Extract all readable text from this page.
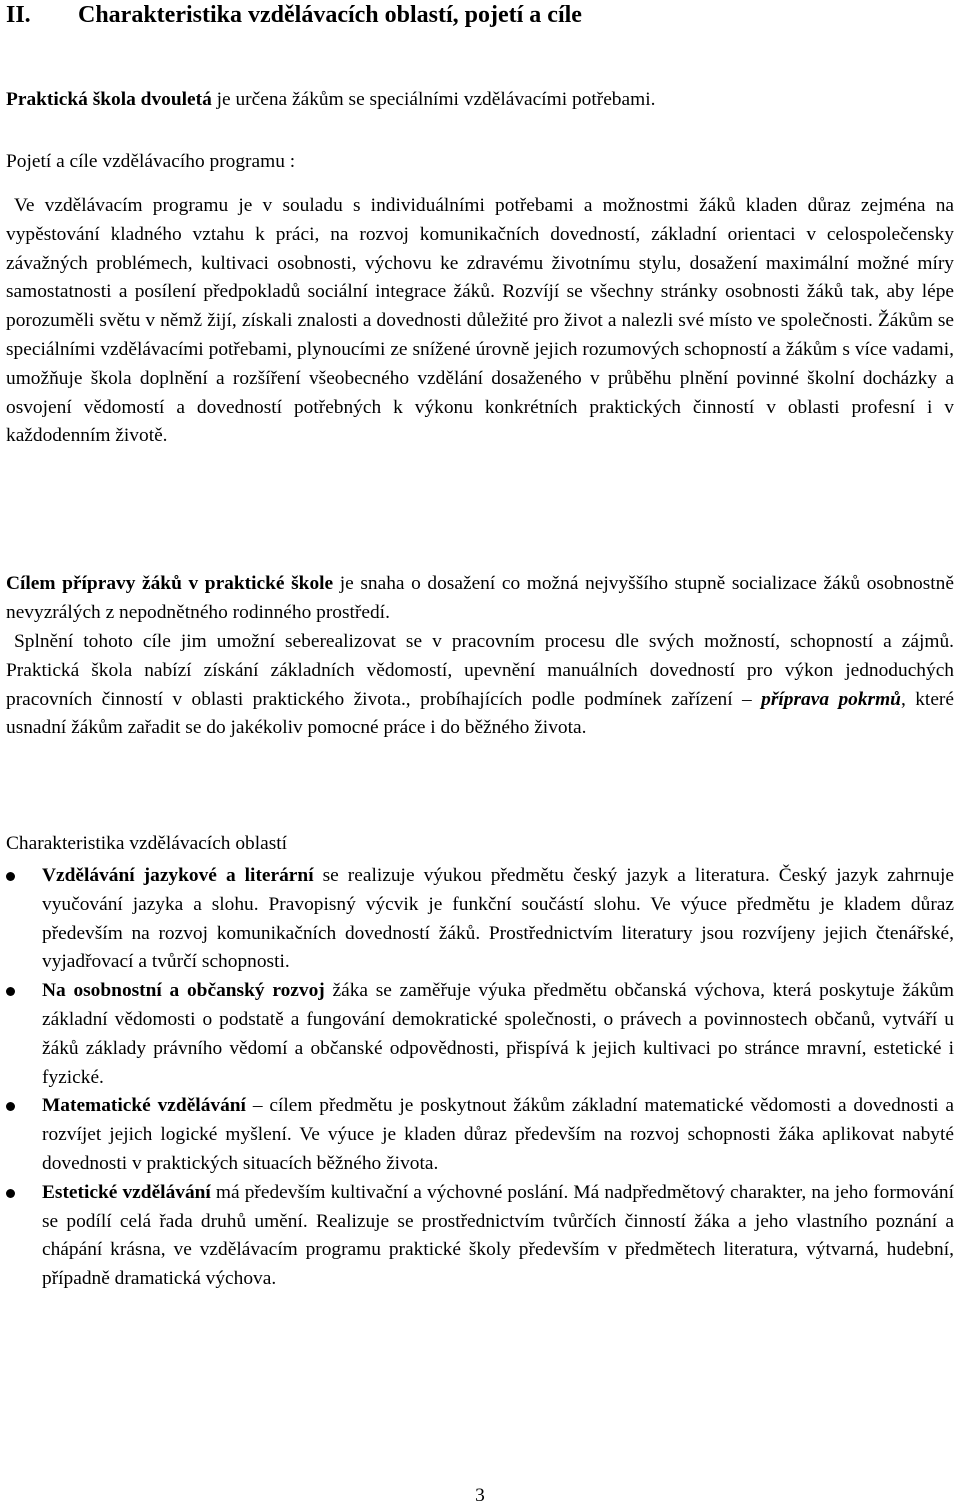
II. Charakteristika vzdělávacích oblastí, pojetí a cíle
Praktická škola dvouletá je určena žákům se speciálními vzdělávacími potřebami.
Pojetí a cíle vzdělávacího programu :
Ve vzdělávacím programu je v souladu s individuálními potřebami a možnostmi žáků kladen důraz zejména na vypěstování kladného vztahu k práci, na rozvoj komunikačních dovedností, základní orientaci v celospolečensky závažných problémech, kultivaci osobnosti, výchovu ke zdravému životnímu stylu, dosažení maximální možné míry samostatnosti a posílení předpokladů sociální integrace žáků. Rozvíjí se všechny stránky osobnosti žáků tak, aby lépe porozuměli světu v němž žijí, získali znalosti a dovednosti důležité pro život a nalezli své místo ve společnosti. Žákům se speciálními vzdělávacími potřebami, plynoucími ze snížené úrovně jejich rozumových schopností a žákům s více vadami, umožňuje škola doplnění a rozšíření všeobecného vzdělání dosaženého v průběhu plnění povinné školní docházky a osvojení vědomostí a dovedností potřebných k výkonu konkrétních praktických činností v oblasti profesní i v každodenním životě.
Cílem přípravy žáků v praktické škole je snaha o dosažení co možná nejvyššího stupně socializace žáků osobnostně nevyzrálých z nepodnětného rodinného prostředí.
Splnění tohoto cíle jim umožní seberealizovat se v pracovním procesu dle svých možností, schopností a zájmů. Praktická škola nabízí získání základních vědomostí, upevnění manuálních dovedností pro výkon jednoduchých pracovních činností v oblasti praktického života., probíhajících podle podmínek zařízení – příprava pokrmů, které usnadní žákům zařadit se do jakékoliv pomocné práce i do běžného života.
Charakteristika vzdělávacích oblastí
Vzdělávání jazykové a literární se realizuje výukou předmětu český jazyk a literatura. Český jazyk zahrnuje vyučování jazyka a slohu. Pravopisný výcvik je funkční součástí slohu. Ve výuce předmětu je kladem důraz především na rozvoj komunikačních dovedností žáků. Prostřednictvím literatury jsou rozvíjeny jejich čtenářské, vyjadřovací a tvůrčí schopnosti.
Na osobnostní a občanský rozvoj žáka se zaměřuje výuka předmětu občanská výchova, která poskytuje žákům základní vědomosti o podstatě a fungování demokratické společnosti, o právech a povinnostech občanů, vytváří u žáků základy právního vědomí a občanské odpovědnosti, přispívá k jejich kultivaci po stránce mravní, estetické i fyzické.
Matematické vzdělávání – cílem předmětu je poskytnout žákům základní matematické vědomosti a dovednosti a rozvíjet jejich logické myšlení. Ve výuce je kladen důraz především na rozvoj schopnosti žáka aplikovat nabyté dovednosti v praktických situacích běžného života.
Estetické vzdělávání má především kultivační a výchovné poslání. Má nadpředmětový charakter, na jeho formování se podílí celá řada druhů umění. Realizuje se prostřednictvím tvůrčích činností žáka a jeho vlastního poznání a chápání krásna, ve vzdělávacím programu praktické školy především v předmětech literatura, výtvarná, hudební, případně dramatická výchova.
3
